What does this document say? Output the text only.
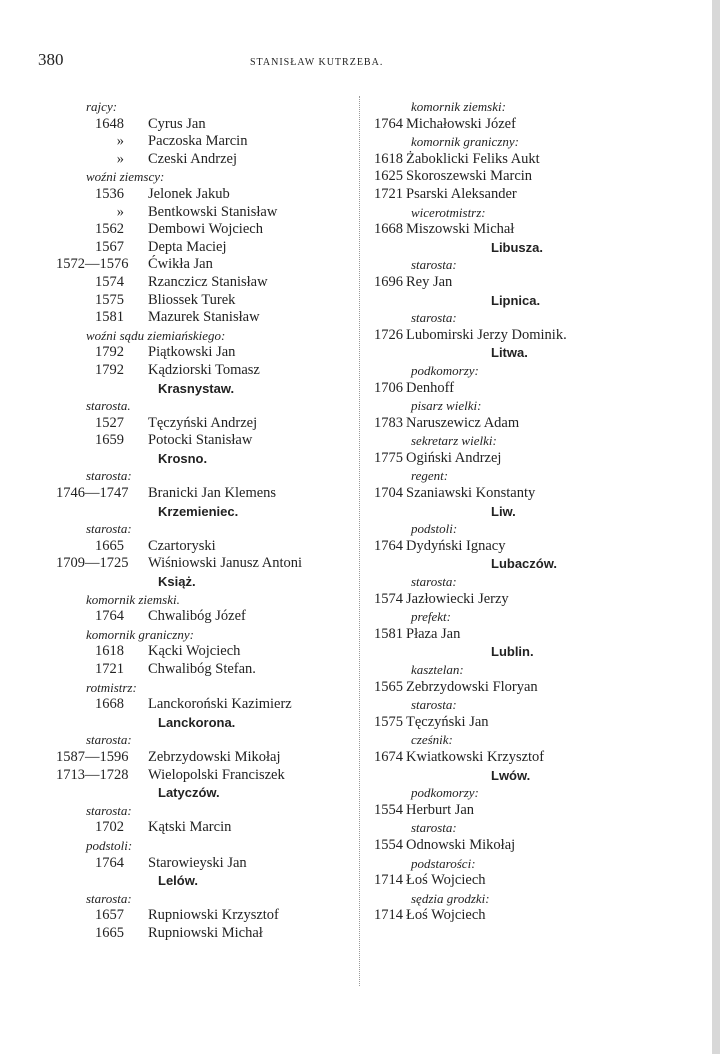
380	STANISŁAW KUTRZEBA.
rajcy:
1648 Cyrus Jan
» Paczoska Marcin
» Czeski Andrzej
woźni ziemscy:
1536 Jelonek Jakub
» Bentkowski Stanisław
1562 Dembowi Wojciech
1567 Depta Maciej
1572—1576 Ćwikła Jan
1574 Rzanczicz Stanisław
1575 Bliossek Turek
1581 Mazurek Stanisław
woźni sądu ziemiańskiego:
1792 Piątkowski Jan
1792 Kądziorski Tomasz
Krasnystaw.
starosta.
1527 Tęczyński Andrzej
1659 Potocki Stanisław
Krosno.
starosta:
1746—1747 Branicki Jan Klemens
Krzemieniec.
starosta:
1665 Czartoryski
1709—1725 Wiśniowski Janusz Antoni
Książ.
komornik ziemski.
1764 Chwalibóg Józef
komornik graniczny:
1618 Kącki Wojciech
1721 Chwalibóg Stefan.
rotmistrz:
1668 Lanckoroński Kazimierz
Lanckorona.
starosta:
1587—1596 Zebrzydowski Mikołaj
1713—1728 Wielopolski Franciszek
Latyczów.
starosta:
1702 Kątski Marcin
podstoli:
1764 Starowieyski Jan
Lelów.
starosta:
1657 Rupniowski Krzysztof
1665 Rupniowski Michał
komornik ziemski:
1764 Michałowski Józef
komornik graniczny:
1618 Żaboklicki Feliks Aukt
1625 Skoroszewski Marcin
1721 Psarski Aleksander
wicerotmistrz:
1668 Miszowski Michał
Libusza.
starosta:
1696 Rey Jan
Lipnica.
starosta:
1726 Lubomirski Jerzy Dominik.
Litwa.
podkomorzy:
1706 Denhoff
pisarz wielki:
1783 Naruszewicz Adam
sekretarz wielki:
1775 Ogiński Andrzej
regent:
1704 Szaniawski Konstanty
Liw.
podstoli:
1764 Dydyński Ignacy
Lubaczów.
starosta:
1574 Jazłowiecki Jerzy
prefekt:
1581 Płaza Jan
Lublin.
kasztelan:
1565 Zebrzydowski Floryan
starosta:
1575 Tęczyński Jan
cześnik:
1674 Kwiatkowski Krzysztof
Lwów.
podkomorzy:
1554 Herburt Jan
starosta:
1554 Odnowski Mikołaj
podstarości:
1714 Łoś Wojciech
sędzia grodzki:
1714 Łoś Wojciech
